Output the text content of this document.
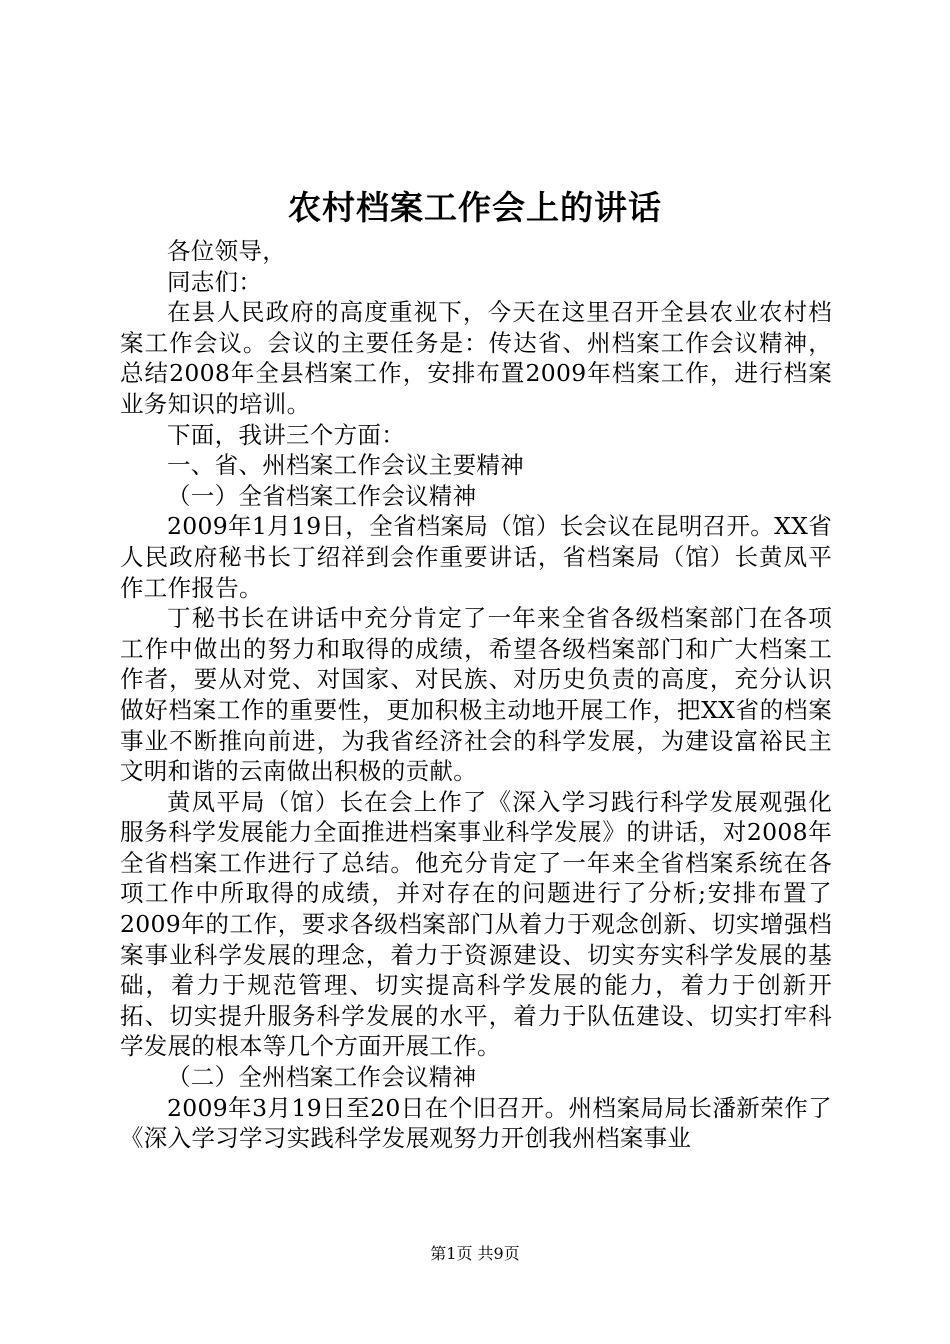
农村档案工作会上的讲话

各位领导，

同志们：

在县人民政府的高度重视下，今天在这里召开全县农业农村档案工作会议。会议的主要任务是：传达省、州档案工作会议精神，总结2008年全县档案工作，安排布置2009年档案工作，进行档案业务知识的培训。

下面，我讲三个方面：

一、省、州档案工作会议主要精神

（一）全省档案工作会议精神

2009年1月19日，全省档案局（馆）长会议在昆明召开。XX省人民政府秘书长丁绍祥到会作重要讲话，省档案局（馆）长黄凤平作工作报告。

丁秘书长在讲话中充分肯定了一年来全省各级档案部门在各项工作中做出的努力和取得的成绩，希望各级档案部门和广大档案工作者，要从对党、对国家、对民族、对历史负责的高度，充分认识做好档案工作的重要性，更加积极主动地开展工作，把XX省的档案事业不断推向前进，为我省经济社会的科学发展，为建设富裕民主文明和谐的云南做出积极的贡献。

黄凤平局（馆）长在会上作了《深入学习践行科学发展观强化服务科学发展能力全面推进档案事业科学发展》的讲话，对2008年全省档案工作进行了总结。他充分肯定了一年来全省档案系统在各项工作中所取得的成绩，并对存在的问题进行了分析;安排布置了2009年的工作，要求各级档案部门从着力于观念创新、切实增强档案事业科学发展的理念，着力于资源建设、切实夯实科学发展的基础，着力于规范管理、切实提高科学发展的能力，着力于创新开拓、切实提升服务科学发展的水平，着力于队伍建设、切实打牢科学发展的根本等几个方面开展工作。

（二）全州档案工作会议精神

2009年3月19日至20日在个旧召开。州档案局局长潘新荣作了《深入学习学习实践科学发展观努力开创我州档案事业

第1页 共9页
